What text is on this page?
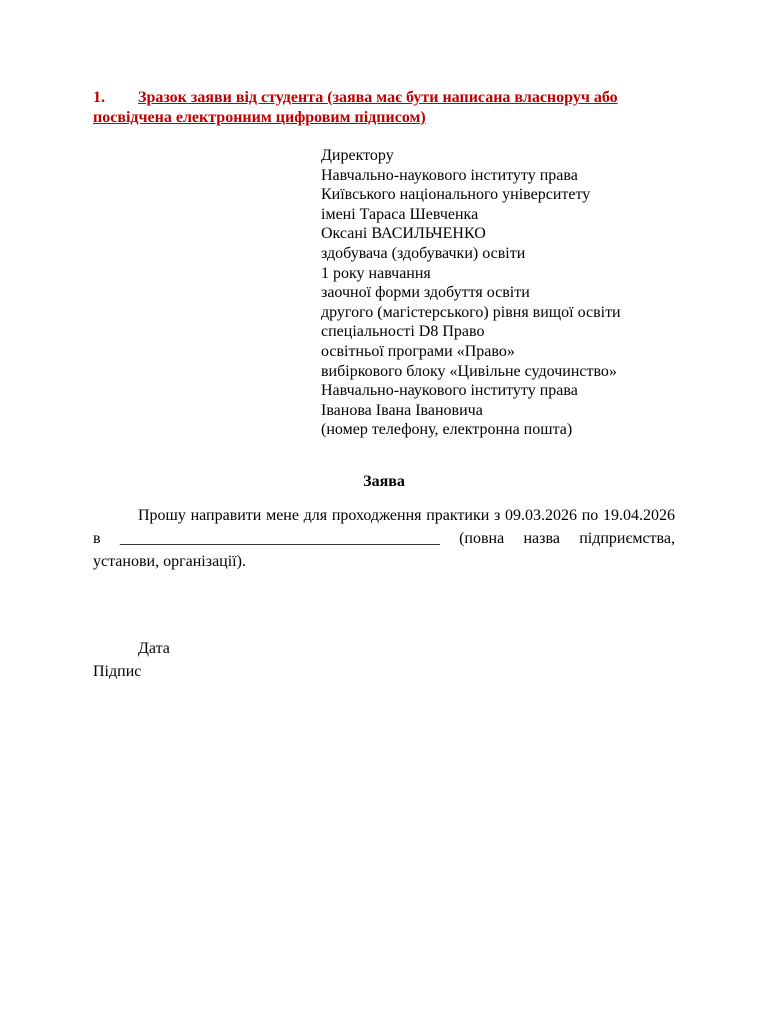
1. Зразок заяви від студента (заява має бути написана власноруч або посвідчена електронним цифровим підписом)
Директору
Навчально-наукового інституту права
Київського національного університету
імені Тараса Шевченка
Оксані ВАСИЛЬЧЕНКО
здобувача (здобувачки) освіти
1 року навчання
заочної форми здобуття освіти
другого (магістерського) рівня вищої освіти
спеціальності D8 Право
освітньої програми «Право»
вибіркового блоку «Цивільне судочинство»
Навчально-наукового інституту права
Іванова Івана Івановича
(номер телефону, електронна пошта)
Заява
Прошу направити мене для проходження практики з 09.03.2026 по 19.04.2026 в ________________________________________ (повна назва підприємства, установи, організації).
Дата
Підпис
